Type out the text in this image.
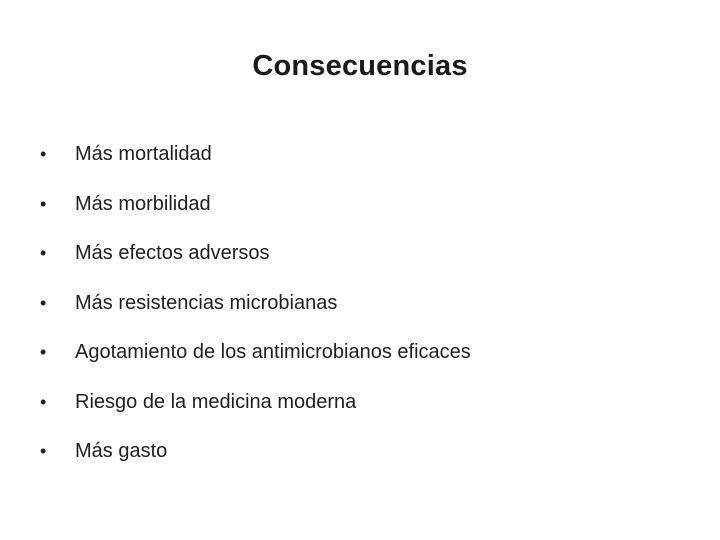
Consecuencias
•	Más mortalidad
•	Más morbilidad
•	Más efectos adversos
•	Más resistencias microbianas
•	Agotamiento de los antimicrobianos eficaces
•	Riesgo de la medicina moderna
•	Más gasto
